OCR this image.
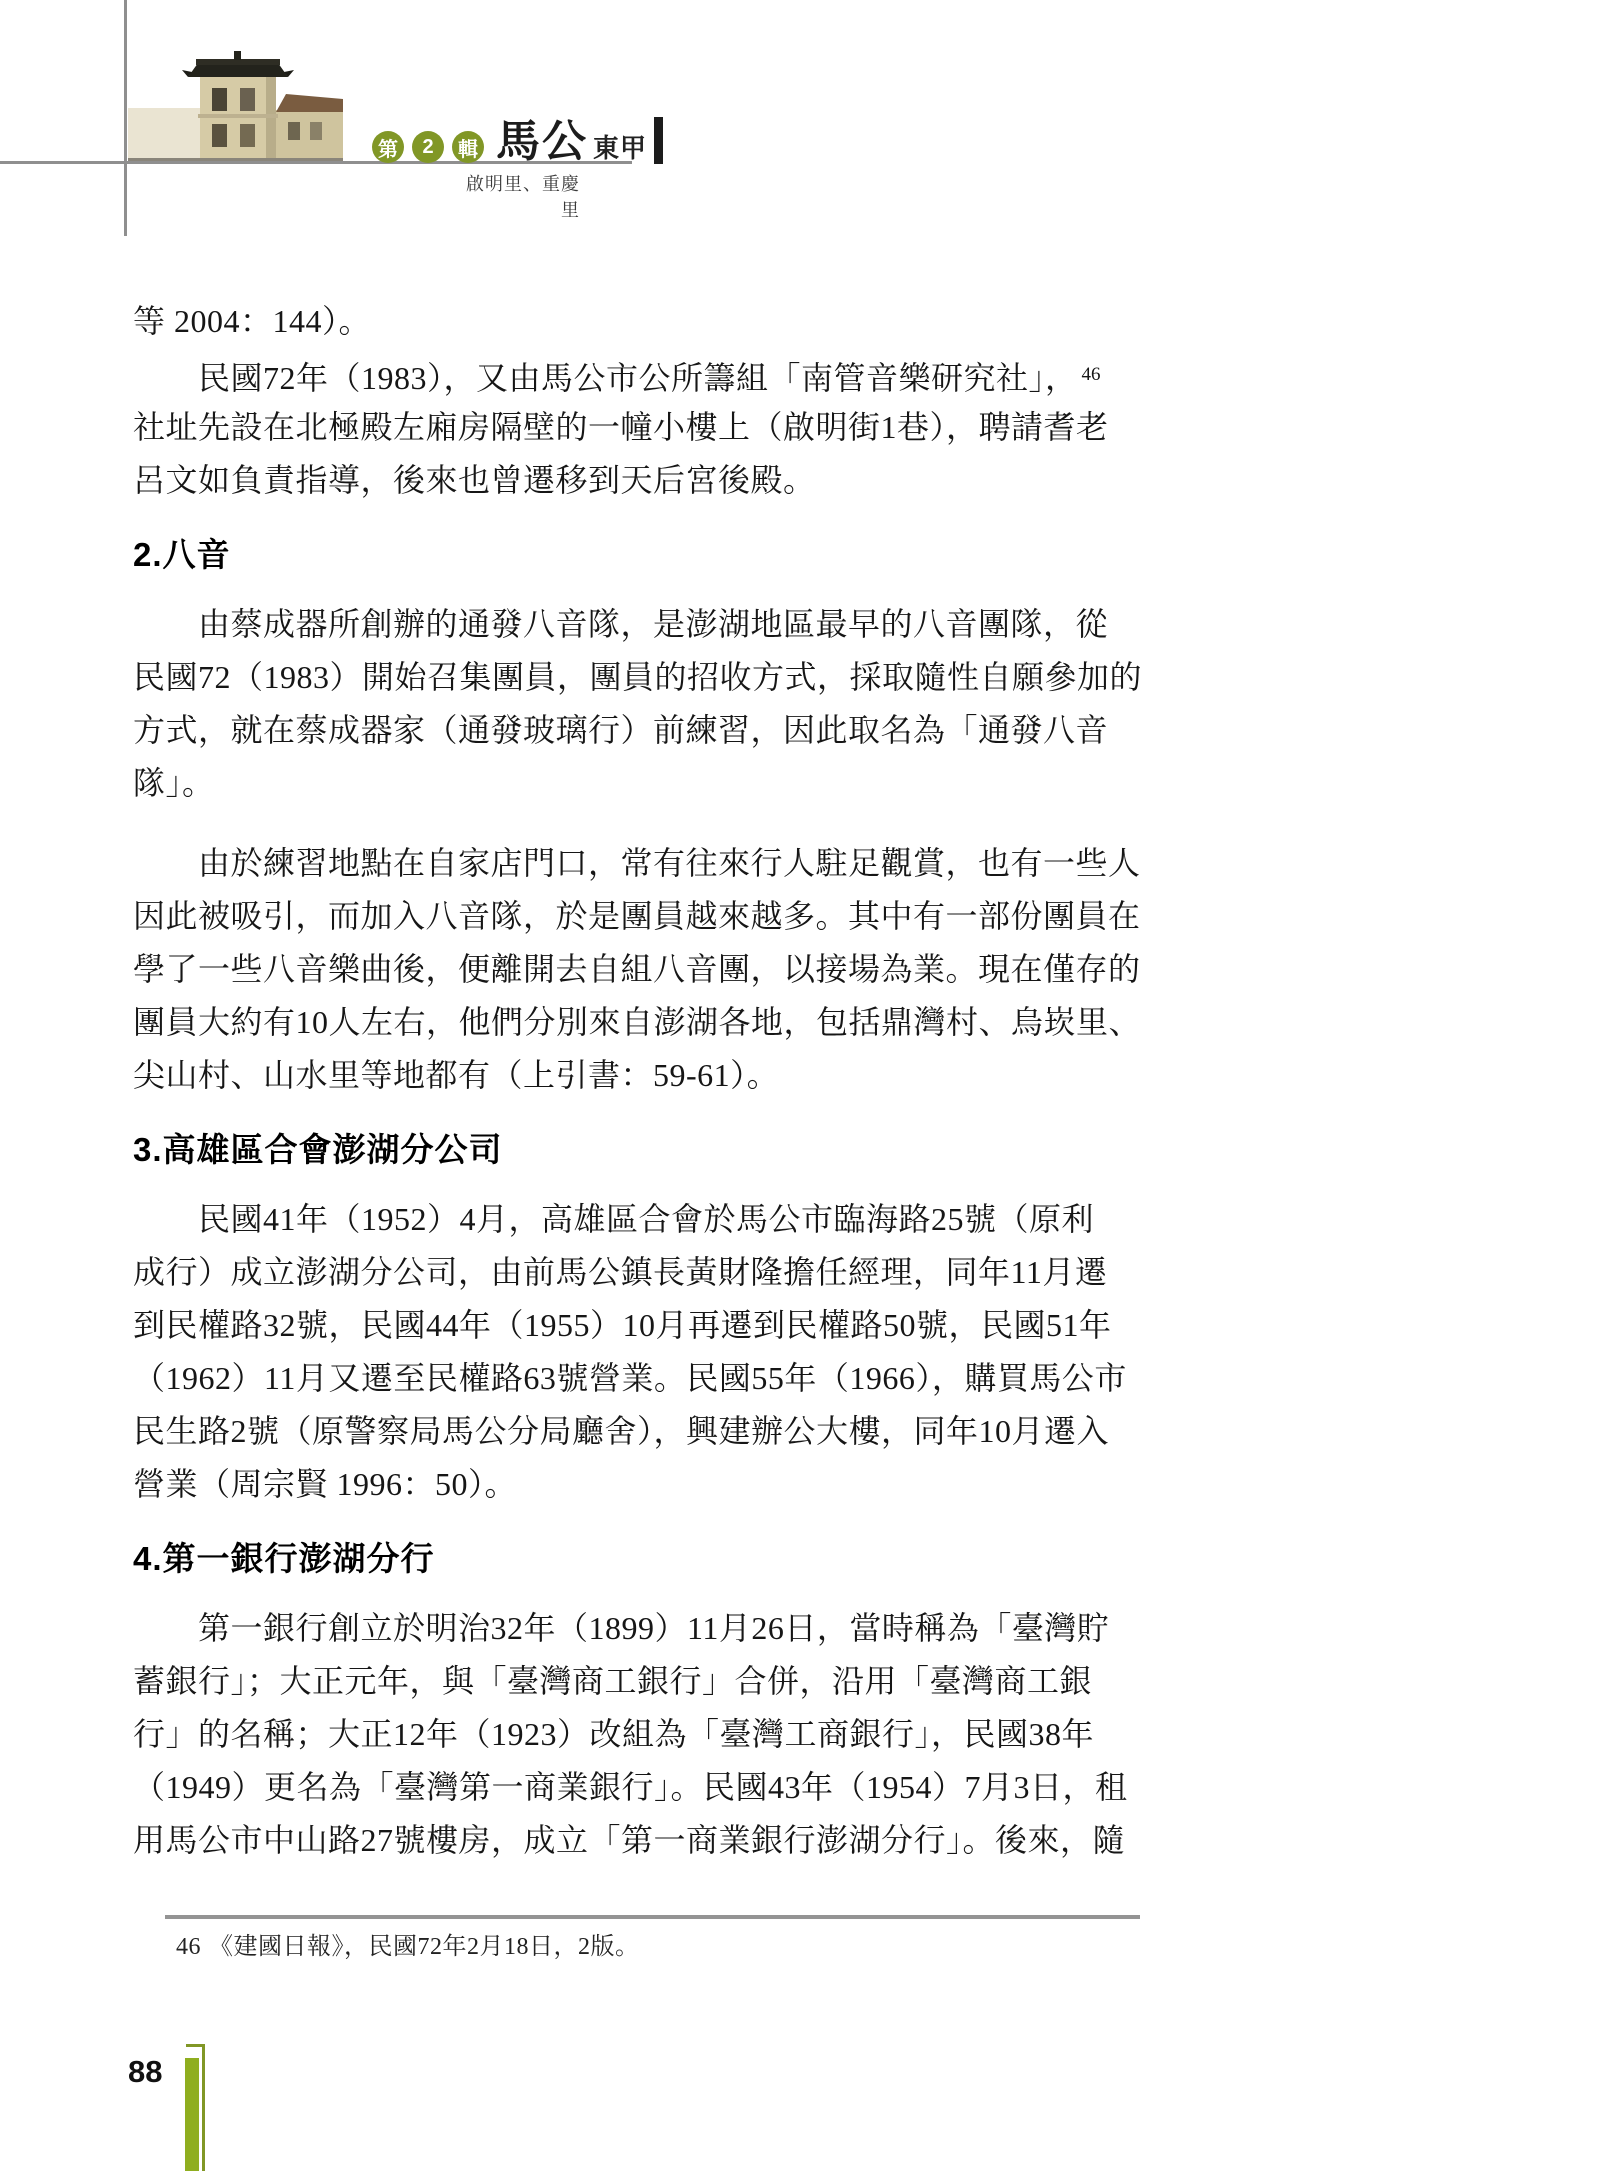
第	2	輯 馬公 東甲
啟明里、重慶里
等 2004：144）。
民國72年（1983），又由馬公市公所籌組「南管音樂研究社」， $^{46}$
社址先設在北極殿左廂房隔壁的一幢小樓上（啟明街1巷），聘請耆老
呂文如負責指導，後來也曾遷移到天后宮後殿。
2.八音
由蔡成器所創辦的通發八音隊，是澎湖地區最早的八音團隊，從
民國72（1983）開始召集團員，團員的招收方式，採取隨性自願參加的
方式，就在蔡成器家（通發玻璃行）前練習，因此取名為「通發八音
隊」。
由於練習地點在自家店門口，常有往來行人駐足觀賞，也有一些人
因此被吸引，而加入八音隊，於是團員越來越多。其中有一部份團員在
學了一些八音樂曲後，便離開去自組八音團，以接場為業。現在僅存的
團員大約有10人左右，他們分別來自澎湖各地，包括鼎灣村、烏崁里、
尖山村、山水里等地都有（上引書：59-61）。
3.高雄區合會澎湖分公司
民國41年（1952）4月，高雄區合會於馬公市臨海路25號（原利
成行）成立澎湖分公司，由前馬公鎮長黃財隆擔任經理，同年11月遷
到民權路32號，民國44年（1955）10月再遷到民權路50號，民國51年
（1962）11月又遷至民權路63號營業。民國55年（1966），購買馬公市
民生路2號（原警察局馬公分局廳舍），興建辦公大樓，同年10月遷入
營業（周宗賢 1996：50）。
4.第一銀行澎湖分行
第一銀行創立於明治32年（1899）11月26日，當時稱為「臺灣貯
蓄銀行」；大正元年，與「臺灣商工銀行」合併，沿用「臺灣商工銀
行」的名稱；大正12年（1923）改組為「臺灣工商銀行」，民國38年
（1949）更名為「臺灣第一商業銀行」。民國43年（1954）7月3日，租
用馬公市中山路27號樓房，成立「第一商業銀行澎湖分行」。後來，隨
46 《建國日報》，民國72年2月18日，2版。
88
